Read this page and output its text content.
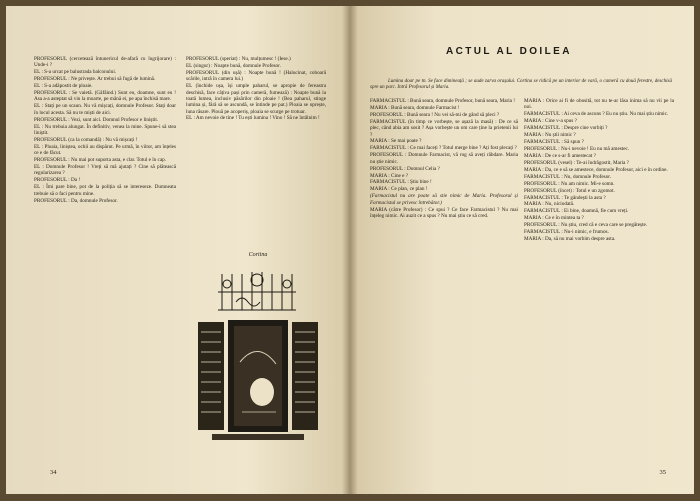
PROFESORUL (cercetează întunericul de-afară cu îngrijorare) : Unde-i ?

EL : S-a urcat pe balustrada balconului.

PROFESORUL : Ne privește. Ar trebui să fugă de lumină.

EL : S-a adăpostit de ploaie.

PROFESORUL : Se vaietă. (Gâfâind.) Sunt eu, doamne, sunt eu ! Asa a-a asteptat să vin la moarte, pe mână ei, pe apa închisă mare.

EL : Stați pe un scaun. Nu vă mișcați, domnule Profesor. Stați doar în locul acesta. Să nu te miști de aici.

PROFESORUL : Vezi, sunt aici. Domnul Profesor e liniștit.

EL : Nu trebuia alungat. În definitiv, venea la mine. Spune-i să stea liniștit.

PROFESORUL (ca la comandă) : Nu vă mișcați !

EL : Ploaia, liniștea, ochii au dispărut. Pe urmă, în viitor, am înțeles ce e de făcut.

PROFESORUL : Nu mai pot suporta asta, e clar. Totul e în cap.

EL : Domnule Profesor ! Vreți să mă ajutați ? Cine să plătească regularizarea ?

PROFESORUL : Da !

EL : Îmi pare bine, pot de la poliția să se intereseze. Dumneata trebuie să o faci pentru mine.

PROFESORUL : Da, domnule Profesor.

PROFESORUL (speriat) : Nu, mulțumesc ! (Iese.)

EL (singur) : Noapte bună, domnule Profesor.

PROFESORUL (din ușă) : Noapte bună ! (Halucinat, coboară scările, intră în camera lui.)

EL (închide ușa, își umple paharul, se apropie de fereastra deschisă, face câțiva pași prin cameră, fumează) : Noapte bună la toată lumea, inclusiv păsărilor din ploaie ! (Bea paharul, stinge lumina și, fără să se ascundă, se întinde pe pat.) Ploaia se oprește, luna răsare. Plouă pe acoperiș, ploaia se scurge pe trotuar.

EL : Am nevoie de tine ! Tu ești lumina ! Vino ! Să ne întâlnim !

Cortina
34
ACTUL AL DOILEA
Lumina doar pe tn. Se face dimineață ; se aude zarva orașului. Cortina se ridică pe un interior de vară, o cameră cu două ferestre, deschisă spre un parc. Intră Profesorul și Maria.

FARMACISTUL : Bună seara, domnule Profesor, bună seara, Maria !

MARIA : Bună seara, domnule Farmacist !

PROFESORUL : Bună seara ! Nu vei să-mi de gând să pleci ?

FARMACISTUL (în timp ce vorbește, se așază la masă) : De ce să plec, când abia am sosit ? Așa vorbește un om care ține la prietenii lui ?

MARIA : Se mai poate ?

FARMACISTUL : Ce mai faceți ? Totul merge bine ? Ați fost plecați ?

PROFESORUL : Domnule Farmacist, vă rog să aveți răbdare. Maria nu știe nimic.

PROFESORUL : Domnul Celia ?

MARIA : Cine e ?

FARMACISTUL : Știu bine !

MARIA : Ce plan, ce plan !

(Farmacistul nu are poate să stie nimic de Maria. Profesorul și Farmacistul se privesc întrebător.)

MARIA (către Profesor) : Ce spui ? Ce face Farmacistul ? Nu mai înțeleg nimic. Ai auzit ce a spus ? Nu mai știu ce să cred.

MARIA : Orice ai fi de obosită, tot nu te-ar lăsa inima să nu vii pe la noi.

FARMACISTUL : Ai ceva de ascuns ? Eu nu știu. Nu mai știu nimic.

MARIA : Cine v-a spus ?

FARMACISTUL : Despre cine vorbiți ?

MARIA : Nu știi nimic ?

FARMACISTUL : Să spun ?

PROFESORUL : Nu-i nevoie ! Eu nu mă amestec.

MARIA : De ce s-ar fi amestecat ?

PROFESORUL (vesel) : Te-ai îndrăgostit, Maria ?

MARIA : Da, ce e să se amestece, domnule Profesor, aici e în ordine.

FARMACISTUL : Nu, domnule Profesor.

PROFESORUL : Nu am nimic. Mi-e somn.

PROFESORUL (încet) : Totul e un zgomot.

FARMACISTUL : Te gândești la asta ?

MARIA : Nu, niciodată.

FARMACISTUL : Ei bine, doamnă, fie cum vreți.

MARIA : Ce e în mintea ta ?

PROFESORUL : Nu știu, cred că e ceva care se pregătește.

FARMACISTUL : Nu-i nimic, e frumos.

MARIA : Da, să nu mai vorbim despre asta.

35
